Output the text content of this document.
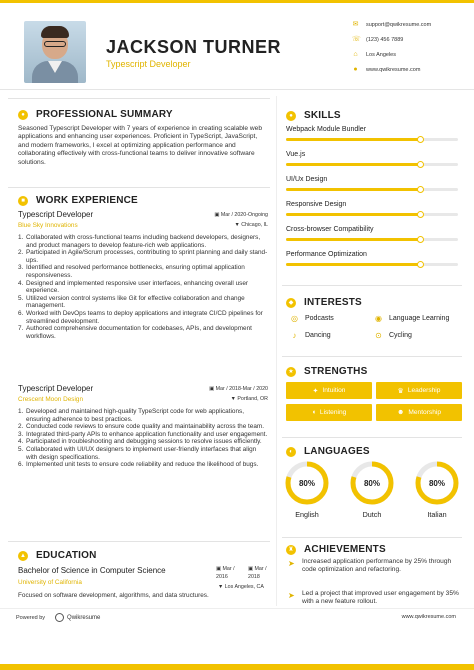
JACKSON TURNER
Typescript Developer
✉ support@qwikresume.com
☏ (123) 456 7889
⌂ Los Angeles
● www.qwikresume.com
●	PROFESSIONAL SUMMARY
Seasoned Typescript Developer with 7 years of experience in creating scalable web applications and enhancing user experiences. Proficient in TypeScript, JavaScript, and modern frameworks, I excel at optimizing application performance and collaborating effectively with cross-functional teams to deliver innovative software solutions.
■	WORK EXPERIENCE
Typescript Developer
Blue Sky Innovations
▣ Mar / 2020-Ongoing
▼ Chicago, IL
1. Collaborated with cross-functional teams including backend developers, designers, and product managers to develop feature-rich web applications.
2. Participated in Agile/Scrum processes, contributing to sprint planning and daily stand-ups.
3. Identified and resolved performance bottlenecks, ensuring optimal application responsiveness.
4. Designed and implemented responsive user interfaces, enhancing overall user experience.
5. Utilized version control systems like Git for effective collaboration and change management.
6. Worked with DevOps teams to deploy applications and integrate CI/CD pipelines for streamlined development.
7. Authored comprehensive documentation for codebases, APIs, and development workflows.
Typescript Developer
Crescent Moon Design
▣ Mar / 2018-Mar / 2020
▼ Portland, OR
1. Developed and maintained high-quality TypeScript code for web applications, ensuring adherence to best practices.
2. Conducted code reviews to ensure code quality and maintainability across the team.
3. Integrated third-party APIs to enhance application functionality and user engagement.
4. Participated in troubleshooting and debugging sessions to resolve issues efficiently.
5. Collaborated with UI/UX designers to implement user-friendly interfaces that align with design specifications.
6. Implemented unit tests to ensure code reliability and reduce the likelihood of bugs.
▲ EDUCATION
Bachelor of Science in Computer Science
University of California
Focused on software development, algorithms, and data structures.
▣ Mar /
2016
▣ Mar /
2018
▼ Los Angeles, CA
●	SKILLS
Webpack Module Bundler
Vue.js
UI/Ux Design
Responsive Design
Cross-browser Compatibility
Performance Optimization
◆ INTERESTS
◎ Podcasts	◉ Language Learning
♪	Dancing	⊙ Cycling
★ STRENGTHS
✦ Intuition	♛ Leadership
◖ Listening	☻ Mentorship
◐	LANGUAGES
80%
English
80%
Dutch
80%
Italian
♜ ACHIEVEMENTS
➤ Increased application performance by 25% through code optimization and refactoring.
➤ Led a project that improved user engagement by 35% with a new feature rollout.
Powered by	Qwikresume	www.qwikresume.com
